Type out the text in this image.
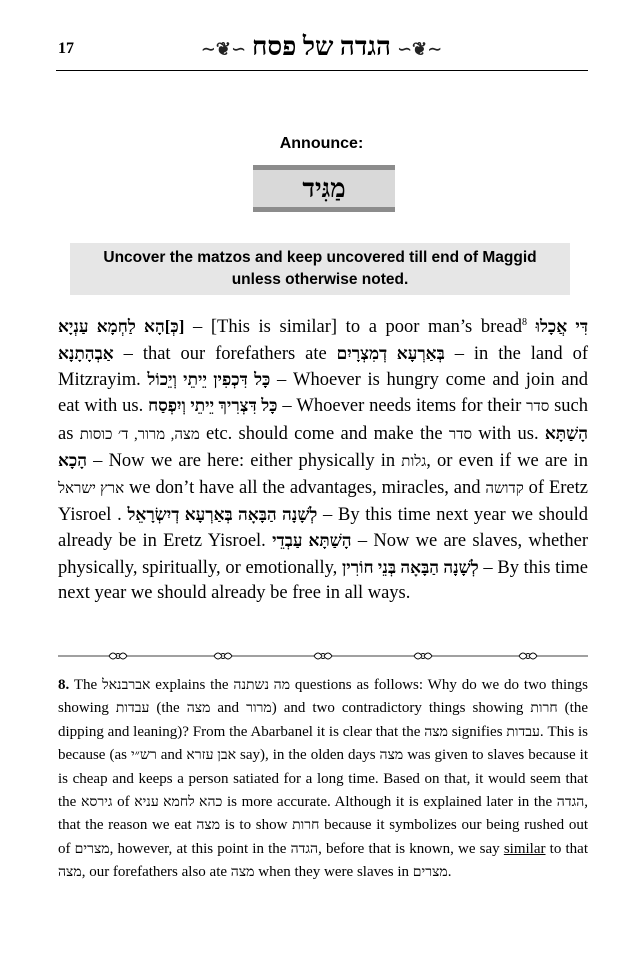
17	∽❦∼הגדה של פסח∼❦∽
Announce:
מַגִּיד
Uncover the matzos and keep uncovered till end of Maggid unless otherwise noted.
[כְּ]הָא לַחְמָא עַנְיָא – [This is similar] to a poor man’s bread$^8$ דִּי אֲכָלוּ אַבְהָתָנָא – that our forefathers ate בְּאַרְעָא דְמִצְרָיִם – in the land of Mitzrayim. כָּל דִּכְפִין יֵיתֵי וְיֵכוֹל – Whoever is hungry come and join and eat with us. כָּל דִּצְרִיךְ יֵיתֵי וְיִפְסַח – Whoever needs items for their סדר such as מצה, מרור, ד׳ כוסות etc. should come and make the סדר with us. הָשַׁתָּא הָכָא – Now we are here: either physically in גלות, or even if we are in ארץ ישראל we don’t have all the advantages, miracles, and קדושה of Eretz Yisroel . לְשָׁנָה הַבָּאָה בְּאַרְעָא דְיִשְׂרָאֵל – By this time next year we should already be in Eretz Yisroel. הָשַׁתָּא עַבְדֵי – Now we are slaves, whether physically, spiritually, or emotionally, לְשָׁנָה הַבָּאָה בְּנֵי חוֹרִין – By this time next year we should already be free in all ways.
8. The אברבנאל explains the מה נשתנה questions as follows: Why do we do two things showing עבדות (the מצה and מרור) and two contradictory things showing חרות (the dipping and leaning)? From the Abarbanel it is clear that the מצה signifies עבדות. This is because (as רש״י and אבן עזרא say), in the olden days מצה was given to slaves because it is cheap and keeps a person satiated for a long time. Based on that, it would seem that the גירסא of כהא לחמא עניא is more accurate. Although it is explained later in the הגדה, that the reason we eat מצה is to show חרות because it symbolizes our being rushed out of מצרים, however, at this point in the הגדה, before that is known, we say similar to that מצה, our forefathers also ate מצה when they were slaves in מצרים.
